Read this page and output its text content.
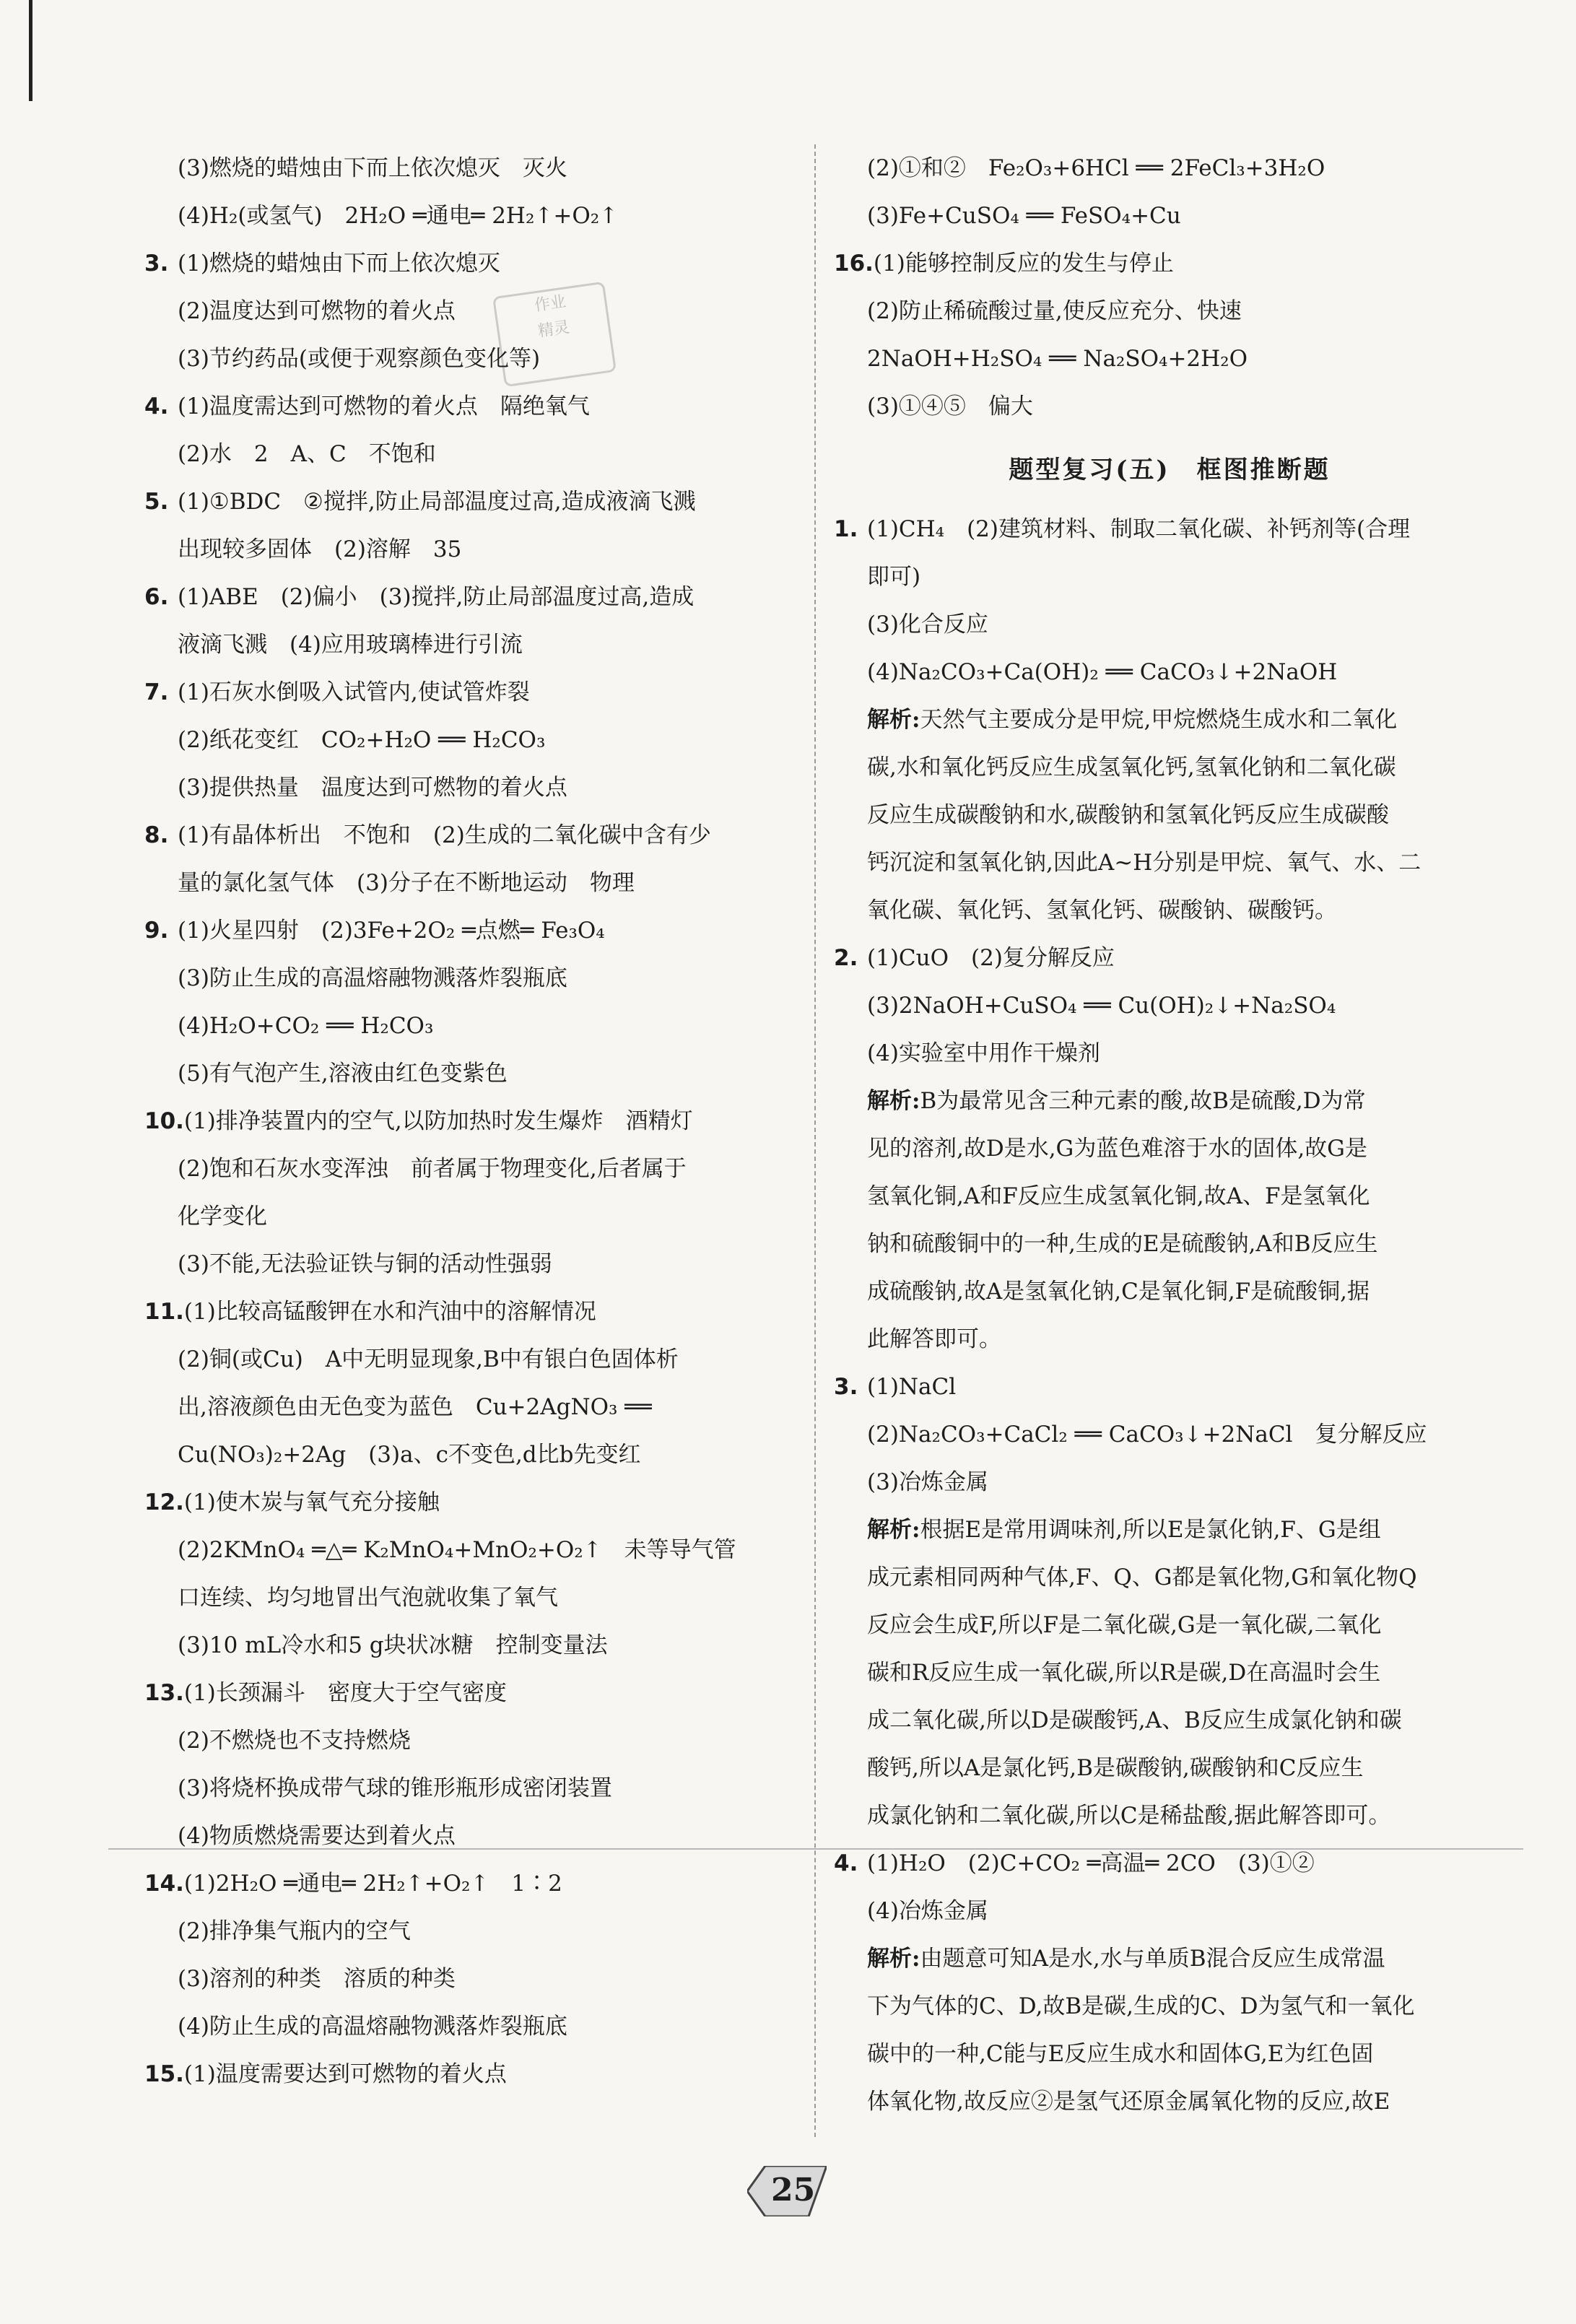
作业
精灵
(3)燃烧的蜡烛由下而上依次熄灭　灭火
(4)H₂(或氢气)　2H₂O ═通电═ 2H₂↑+O₂↑
3. (1)燃烧的蜡烛由下而上依次熄灭
(2)温度达到可燃物的着火点
(3)节约药品(或便于观察颜色变化等)
4. (1)温度需达到可燃物的着火点　隔绝氧气
(2)水　2　A、C　不饱和
5. (1)①BDC　②搅拌,防止局部温度过高,造成液滴飞溅
出现较多固体　(2)溶解　35
6. (1)ABE　(2)偏小　(3)搅拌,防止局部温度过高,造成
液滴飞溅　(4)应用玻璃棒进行引流
7. (1)石灰水倒吸入试管内,使试管炸裂
(2)纸花变红　CO₂+H₂O ══ H₂CO₃
(3)提供热量　温度达到可燃物的着火点
8. (1)有晶体析出　不饱和　(2)生成的二氧化碳中含有少
量的氯化氢气体　(3)分子在不断地运动　物理
9. (1)火星四射　(2)3Fe+2O₂ ═点燃═ Fe₃O₄
(3)防止生成的高温熔融物溅落炸裂瓶底
(4)H₂O+CO₂ ══ H₂CO₃
(5)有气泡产生,溶液由红色变紫色
10.(1)排净装置内的空气,以防加热时发生爆炸　酒精灯
(2)饱和石灰水变浑浊　前者属于物理变化,后者属于
化学变化
(3)不能,无法验证铁与铜的活动性强弱
11.(1)比较高锰酸钾在水和汽油中的溶解情况
(2)铜(或Cu)　A中无明显现象,B中有银白色固体析
出,溶液颜色由无色变为蓝色　Cu+2AgNO₃ ══
Cu(NO₃)₂+2Ag　(3)a、c不变色,d比b先变红
12.(1)使木炭与氧气充分接触
(2)2KMnO₄ ═△═ K₂MnO₄+MnO₂+O₂↑　未等导气管
口连续、均匀地冒出气泡就收集了氧气
(3)10 mL冷水和5 g块状冰糖　控制变量法
13.(1)长颈漏斗　密度大于空气密度
(2)不燃烧也不支持燃烧
(3)将烧杯换成带气球的锥形瓶形成密闭装置
(4)物质燃烧需要达到着火点
14.(1)2H₂O ═通电═ 2H₂↑+O₂↑　1∶2
(2)排净集气瓶内的空气
(3)溶剂的种类　溶质的种类
(4)防止生成的高温熔融物溅落炸裂瓶底
15.(1)温度需要达到可燃物的着火点
(2)①和②　Fe₂O₃+6HCl ══ 2FeCl₃+3H₂O
(3)Fe+CuSO₄ ══ FeSO₄+Cu
16.(1)能够控制反应的发生与停止
(2)防止稀硫酸过量,使反应充分、快速
2NaOH+H₂SO₄ ══ Na₂SO₄+2H₂O
(3)①④⑤　偏大
题型复习(五)　框图推断题
1. (1)CH₄　(2)建筑材料、制取二氧化碳、补钙剂等(合理
即可)
(3)化合反应
(4)Na₂CO₃+Ca(OH)₂ ══ CaCO₃↓+2NaOH
解析:天然气主要成分是甲烷,甲烷燃烧生成水和二氧化
碳,水和氧化钙反应生成氢氧化钙,氢氧化钠和二氧化碳
反应生成碳酸钠和水,碳酸钠和氢氧化钙反应生成碳酸
钙沉淀和氢氧化钠,因此A~H分别是甲烷、氧气、水、二
氧化碳、氧化钙、氢氧化钙、碳酸钠、碳酸钙。
2. (1)CuO　(2)复分解反应
(3)2NaOH+CuSO₄ ══ Cu(OH)₂↓+Na₂SO₄
(4)实验室中用作干燥剂
解析:B为最常见含三种元素的酸,故B是硫酸,D为常
见的溶剂,故D是水,G为蓝色难溶于水的固体,故G是
氢氧化铜,A和F反应生成氢氧化铜,故A、F是氢氧化
钠和硫酸铜中的一种,生成的E是硫酸钠,A和B反应生
成硫酸钠,故A是氢氧化钠,C是氧化铜,F是硫酸铜,据
此解答即可。
3. (1)NaCl
(2)Na₂CO₃+CaCl₂ ══ CaCO₃↓+2NaCl　复分解反应
(3)冶炼金属
解析:根据E是常用调味剂,所以E是氯化钠,F、G是组
成元素相同两种气体,F、Q、G都是氧化物,G和氧化物Q
反应会生成F,所以F是二氧化碳,G是一氧化碳,二氧化
碳和R反应生成一氧化碳,所以R是碳,D在高温时会生
成二氧化碳,所以D是碳酸钙,A、B反应生成氯化钠和碳
酸钙,所以A是氯化钙,B是碳酸钠,碳酸钠和C反应生
成氯化钠和二氧化碳,所以C是稀盐酸,据此解答即可。
4. (1)H₂O　(2)C+CO₂ ═高温═ 2CO　(3)①②
(4)冶炼金属
解析:由题意可知A是水,水与单质B混合反应生成常温
下为气体的C、D,故B是碳,生成的C、D为氢气和一氧化
碳中的一种,C能与E反应生成水和固体G,E为红色固
体氧化物,故反应②是氢气还原金属氧化物的反应,故E
25
